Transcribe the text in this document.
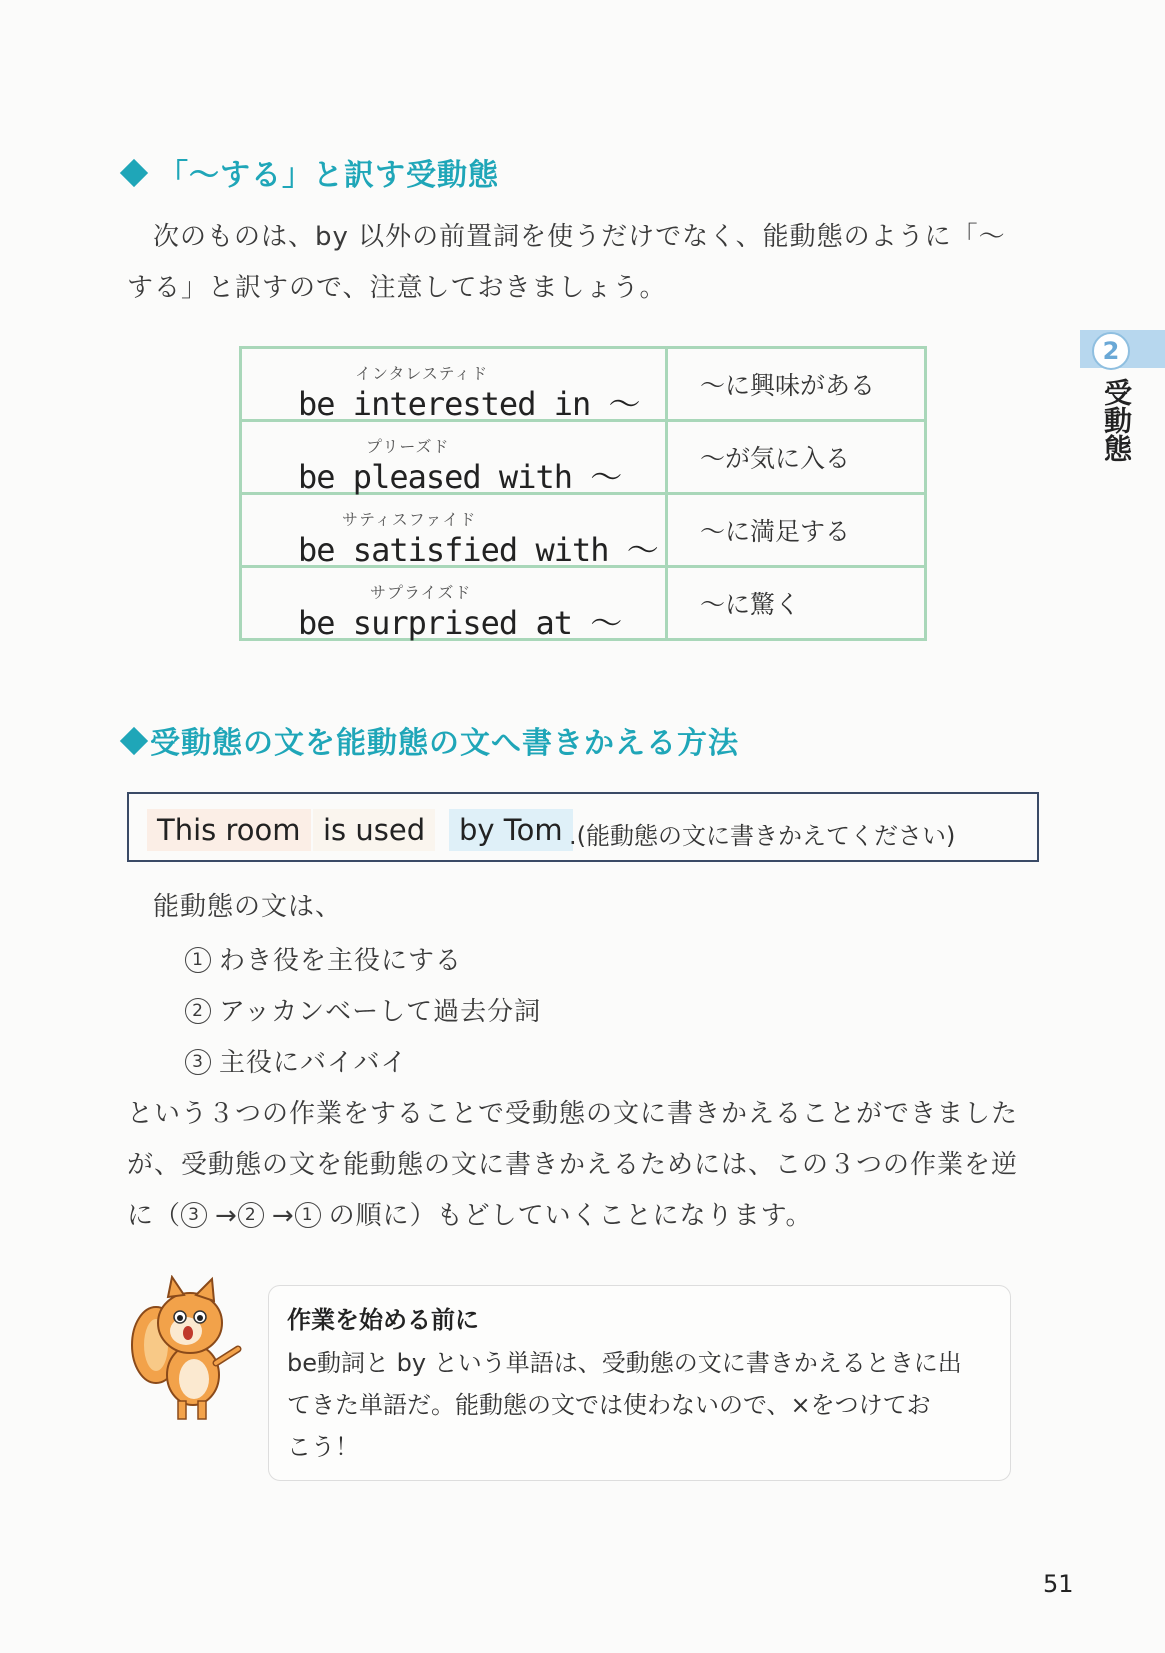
「～する」と訳す受動態
次のものは、by 以外の前置詞を使うだけでなく、能動態のように「～する」と訳すので、注意しておきましょう。
インタレスティド
be interested in ～	～に興味がある

プリーズド
be pleased with ～	～が気に入る

サティスファイド
be satisfied with ～	～に満足する

サプライズド
be surprised at ～	～に驚く
受動態の文を能動態の文へ書きかえる方法
This room is used	by Tom .(能動態の文に書きかえてください)
能動態の文は、
1 わき役を主役にする
2 アッカンベーして過去分詞
3 主役にバイバイ
という３つの作業をすることで受動態の文に書きかえることができました
が、受動態の文を能動態の文に書きかえるためには、この３つの作業を逆
に（ 3 → 2 → 1 の順に）もどしていくことになります。
作業を始める前に
be動詞と by という単語は、受動態の文に書きかえるときに出
てきた単語だ。能動態の文では使わないので、×をつけてお
こう！
2
受動態
51
